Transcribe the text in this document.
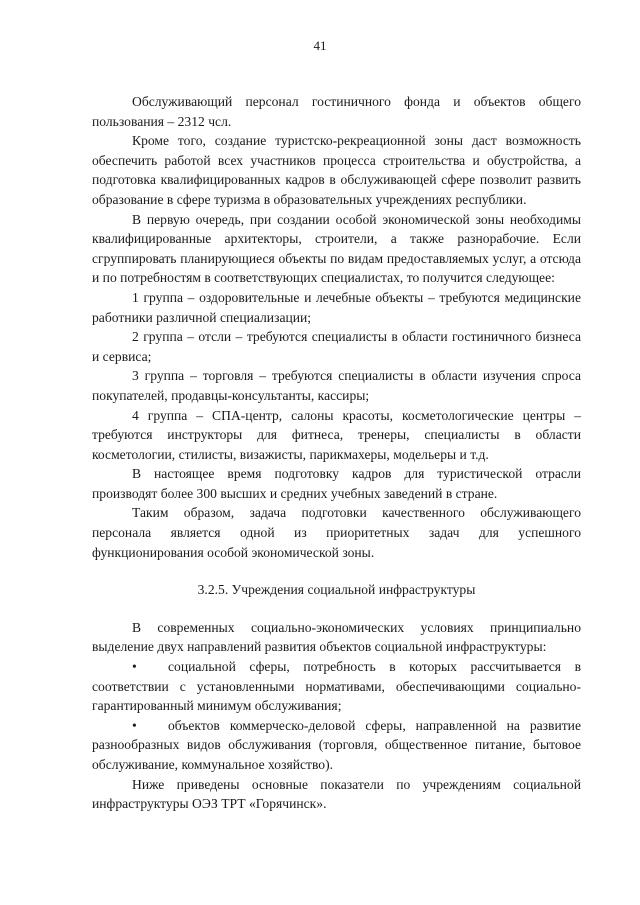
41

Обслуживающий персонал гостиничного фонда и объектов общего пользования – 2312 чсл.

Кроме того, создание туристско-рекреационной зоны даст возможность обеспечить работой всех участников процесса строительства и обустройства, а подготовка квалифицированных кадров в обслуживающей сфере позволит развить образование в сфере туризма в образовательных учреждениях республики.

В первую очередь, при создании особой экономической зоны необходимы квалифицированные архитекторы, строители, а также разнорабочие. Если сгруппировать планирующиеся объекты по видам предоставляемых услуг, а отсюда и по потребностям в соответствующих специалистах, то получится следующее:

1 группа – оздоровительные и лечебные объекты – требуются медицинские работники различной специализации;

2 группа – отсли – требуются специалисты в области гостиничного бизнеса и сервиса;

3 группа – торговля – требуются специалисты в области изучения спроса покупателей, продавцы-консультанты, кассиры;

4 группа – СПА-центр, салоны красоты, косметологические центры – требуются инструкторы для фитнеса, тренеры, специалисты в области косметологии, стилисты, визажисты, парикмахеры, модельеры и т.д.

В настоящее время подготовку кадров для туристической отрасли производят более 300 высших и средних учебных заведений в стране.

Таким образом, задача подготовки качественного обслуживающего персонала является одной из приоритетных задач для успешного функционирования особой экономической зоны.

3.2.5. Учреждения социальной инфраструктуры

В современных социально-экономических условиях принципиально выделение двух направлений развития объектов социальной инфраструктуры:

• социальной сферы, потребность в которых рассчитывается в соответствии с установленными нормативами, обеспечивающими социально-гарантированный минимум обслуживания;

• объектов коммерческо-деловой сферы, направленной на развитие разнообразных видов обслуживания (торговля, общественное питание, бытовое обслуживание, коммунальное хозяйство).

Ниже приведены основные показатели по учреждениям социальной инфраструктуры ОЭЗ ТРТ «Горячинск».
